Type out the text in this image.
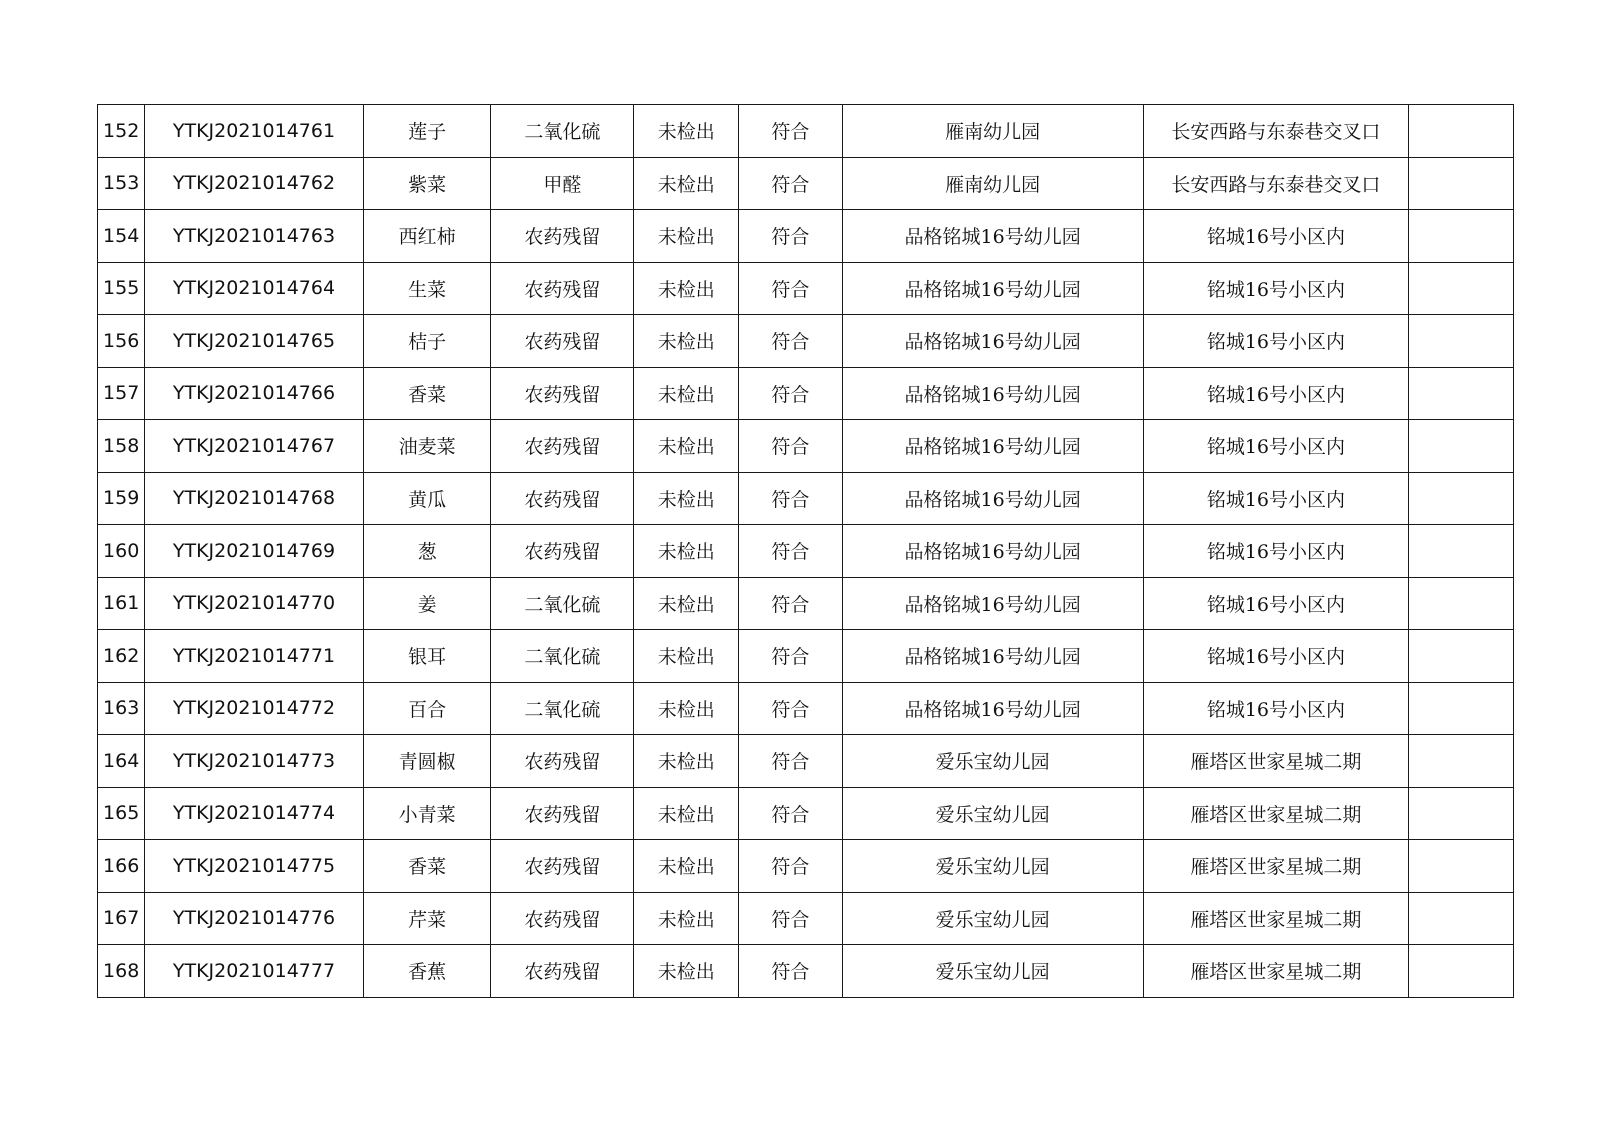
152	YTKJ2021014761	莲子	二氧化硫	未检出	符合	雁南幼儿园	长安西路与东泰巷交叉口	
153	YTKJ2021014762	紫菜	甲醛	未检出	符合	雁南幼儿园	长安西路与东泰巷交叉口	
154	YTKJ2021014763	西红柿	农药残留	未检出	符合	品格铭城16号幼儿园	铭城16号小区内	
155	YTKJ2021014764	生菜	农药残留	未检出	符合	品格铭城16号幼儿园	铭城16号小区内	
156	YTKJ2021014765	桔子	农药残留	未检出	符合	品格铭城16号幼儿园	铭城16号小区内	
157	YTKJ2021014766	香菜	农药残留	未检出	符合	品格铭城16号幼儿园	铭城16号小区内	
158	YTKJ2021014767	油麦菜	农药残留	未检出	符合	品格铭城16号幼儿园	铭城16号小区内	
159	YTKJ2021014768	黄瓜	农药残留	未检出	符合	品格铭城16号幼儿园	铭城16号小区内	
160	YTKJ2021014769	葱	农药残留	未检出	符合	品格铭城16号幼儿园	铭城16号小区内	
161	YTKJ2021014770	姜	二氧化硫	未检出	符合	品格铭城16号幼儿园	铭城16号小区内	
162	YTKJ2021014771	银耳	二氧化硫	未检出	符合	品格铭城16号幼儿园	铭城16号小区内	
163	YTKJ2021014772	百合	二氧化硫	未检出	符合	品格铭城16号幼儿园	铭城16号小区内	
164	YTKJ2021014773	青圆椒	农药残留	未检出	符合	爱乐宝幼儿园	雁塔区世家星城二期	
165	YTKJ2021014774	小青菜	农药残留	未检出	符合	爱乐宝幼儿园	雁塔区世家星城二期	
166	YTKJ2021014775	香菜	农药残留	未检出	符合	爱乐宝幼儿园	雁塔区世家星城二期	
167	YTKJ2021014776	芹菜	农药残留	未检出	符合	爱乐宝幼儿园	雁塔区世家星城二期	
168	YTKJ2021014777	香蕉	农药残留	未检出	符合	爱乐宝幼儿园	雁塔区世家星城二期	
